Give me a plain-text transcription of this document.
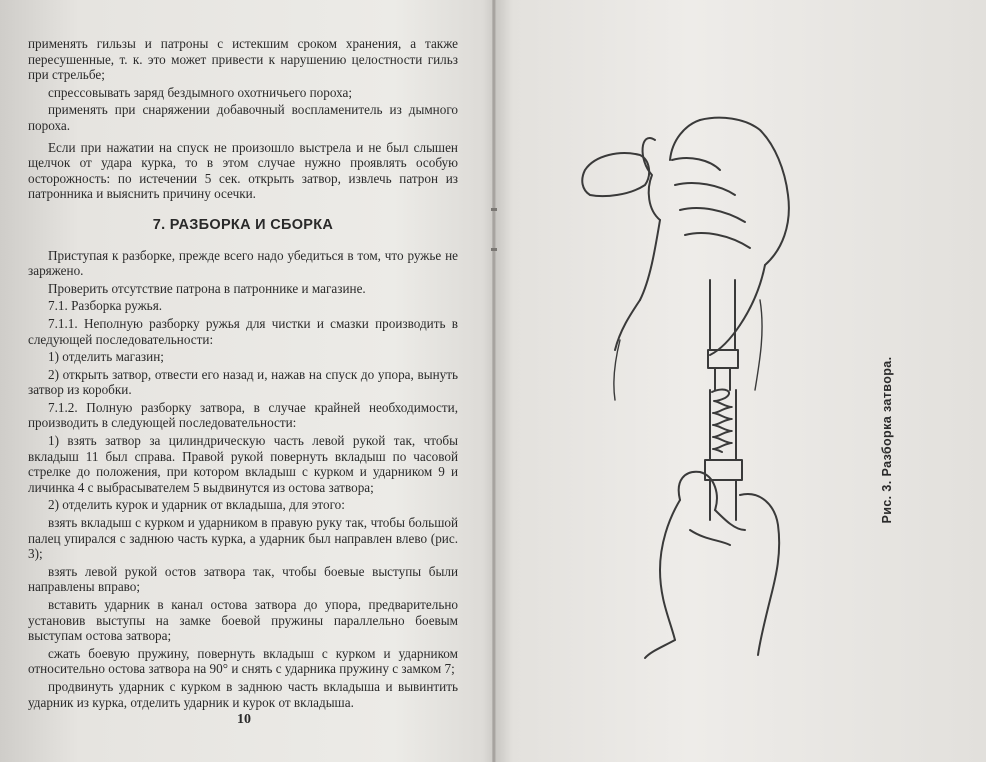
применять гильзы и патроны с истекшим сроком хранения, а также пересушенные, т. к. это может привести к нарушению целостности гильз при стрельбе;

спрессовывать заряд бездымного охотничьего пороха;

применять при снаряжении добавочный воспламенитель из дымного пороха.

Если при нажатии на спуск не произошло выстрела и не был слышен щелчок от удара курка, то в этом случае нужно проявлять особую осторожность: по истечении 5 сек. открыть затвор, извлечь патрон из патронника и выяснить причину осечки.

7. РАЗБОРКА И СБОРКА

Приступая к разборке, прежде всего надо убедиться в том, что ружье не заряжено.

Проверить отсутствие патрона в патроннике и магазине.

7.1. Разборка ружья.

7.1.1. Неполную разборку ружья для чистки и смазки производить в следующей последовательности:

1) отделить магазин;

2) открыть затвор, отвести его назад и, нажав на спуск до упора, вынуть затвор из коробки.

7.1.2. Полную разборку затвора, в случае крайней необходимости, производить в следующей последовательности:

1) взять затвор за цилиндрическую часть левой рукой так, чтобы вкладыш 11 был справа. Правой рукой повернуть вкладыш по часовой стрелке до положения, при котором вкладыш с курком и ударником 9 и личинка 4 с выбрасывателем 5 выдвинутся из остова затвора;

2) отделить курок и ударник от вкладыша, для этого:

взять вкладыш с курком и ударником в правую руку так, чтобы большой палец упирался с заднюю часть курка, а ударник был направлен влево (рис. 3);

взять левой рукой остов затвора так, чтобы боевые выступы были направлены вправо;

вставить ударник в канал остова затвора до упора, предварительно установив выступы на замке боевой пружины параллельно боевым выступам остова затвора;

сжать боевую пружину, повернуть вкладыш с курком и ударником относительно остова затвора на 90° и снять с ударника пружину с замком 7;

продвинуть ударник с курком в заднюю часть вкладыша и вывинтить ударник из курка, отделить ударник и курок от вкладыша.

10
Рис. 3. Разборка затвора.
